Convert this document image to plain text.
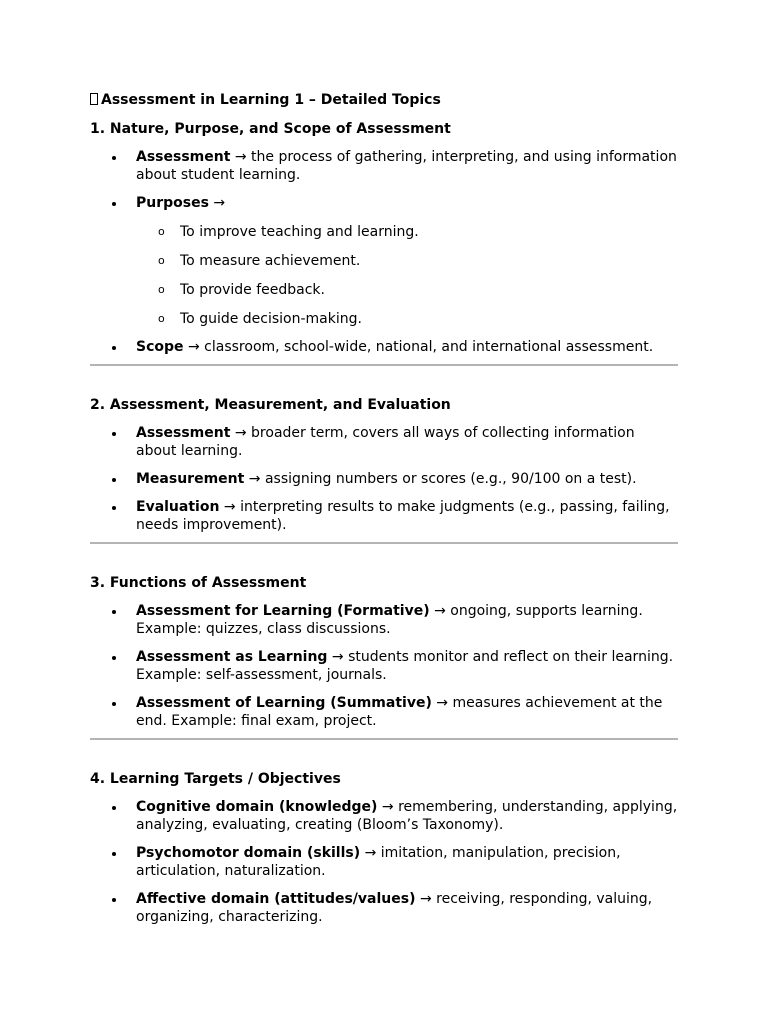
Assessment in Learning 1 – Detailed Topics
1. Nature, Purpose, and Scope of Assessment
Assessment → the process of gathering, interpreting, and using information about student learning.
Purposes →
o To improve teaching and learning.
o To measure achievement.
o To provide feedback.
o To guide decision-making.
Scope → classroom, school-wide, national, and international assessment.
2. Assessment, Measurement, and Evaluation
Assessment → broader term, covers all ways of collecting information about learning.
Measurement → assigning numbers or scores (e.g., 90/100 on a test).
Evaluation → interpreting results to make judgments (e.g., passing, failing, needs improvement).
3. Functions of Assessment
Assessment for Learning (Formative) → ongoing, supports learning. Example: quizzes, class discussions.
Assessment as Learning → students monitor and reflect on their learning. Example: self-assessment, journals.
Assessment of Learning (Summative) → measures achievement at the end. Example: final exam, project.
4. Learning Targets / Objectives
Cognitive domain (knowledge) → remembering, understanding, applying, analyzing, evaluating, creating (Bloom’s Taxonomy).
Psychomotor domain (skills) → imitation, manipulation, precision, articulation, naturalization.
Affective domain (attitudes/values) → receiving, responding, valuing, organizing, characterizing.
